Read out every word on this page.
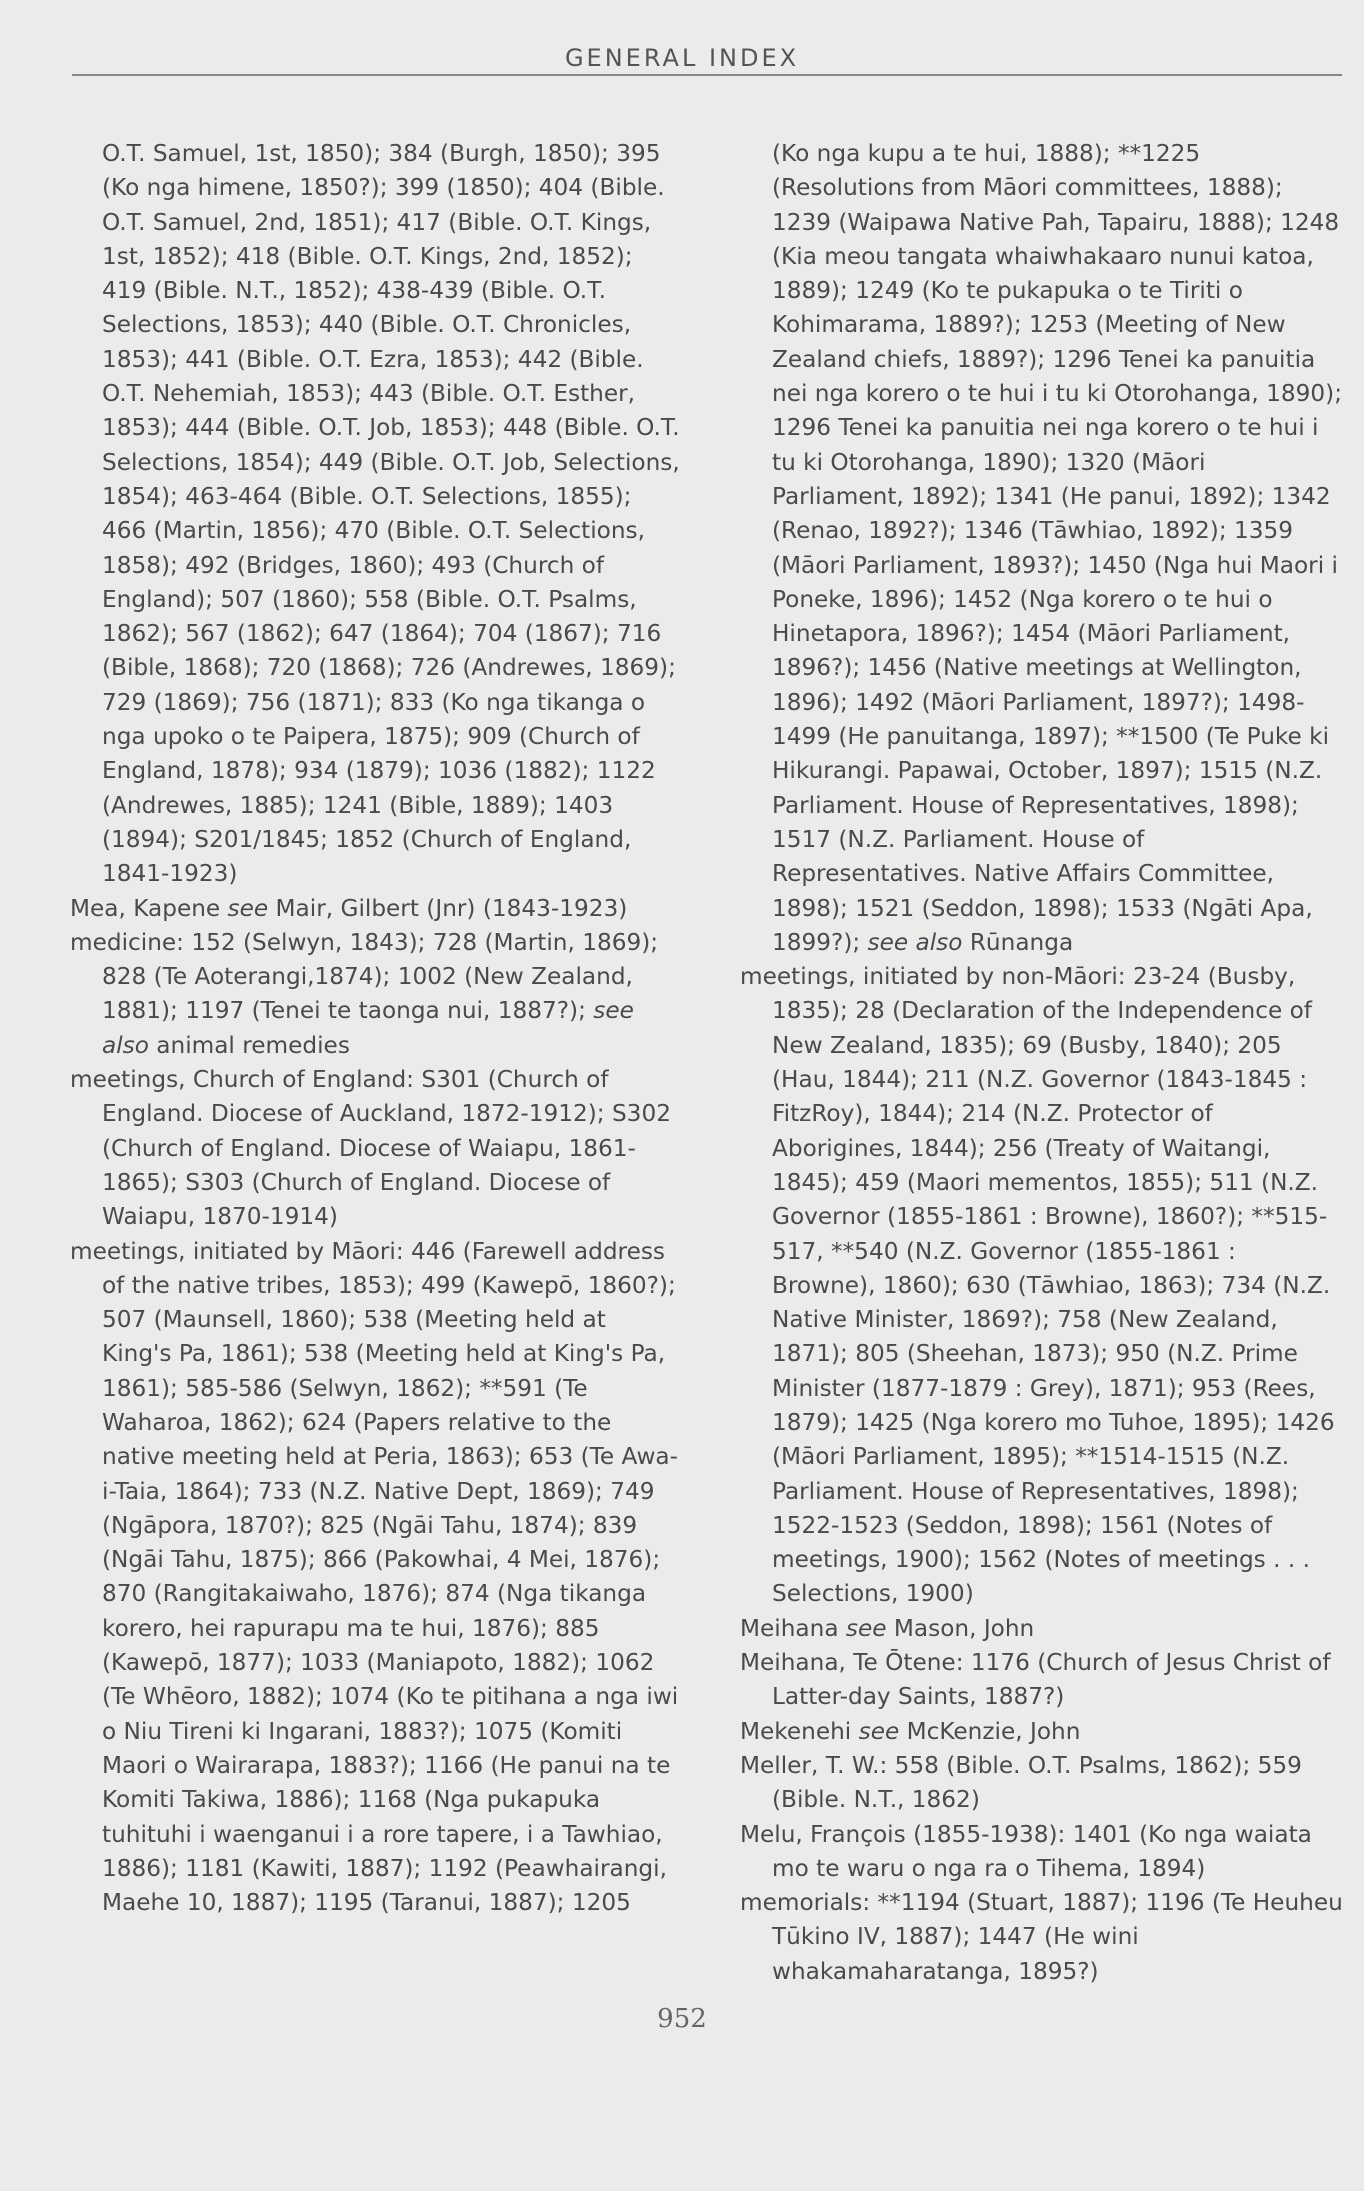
GENERAL INDEX
O.T. Samuel, 1st, 1850); 384 (Burgh, 1850); 395 (Ko nga himene, 1850?); 399 (1850); 404 (Bible. O.T. Samuel, 2nd, 1851); 417 (Bible. O.T. Kings, 1st, 1852); 418 (Bible. O.T. Kings, 2nd, 1852); 419 (Bible. N.T., 1852); 438-439 (Bible. O.T. Selections, 1853); 440 (Bible. O.T. Chronicles, 1853); 441 (Bible. O.T. Ezra, 1853); 442 (Bible. O.T. Nehemiah, 1853); 443 (Bible. O.T. Esther, 1853); 444 (Bible. O.T. Job, 1853); 448 (Bible. O.T. Selections, 1854); 449 (Bible. O.T. Job, Selections, 1854); 463-464 (Bible. O.T. Selections, 1855); 466 (Martin, 1856); 470 (Bible. O.T. Selections, 1858); 492 (Bridges, 1860); 493 (Church of England); 507 (1860); 558 (Bible. O.T. Psalms, 1862); 567 (1862); 647 (1864); 704 (1867); 716 (Bible, 1868); 720 (1868); 726 (Andrewes, 1869); 729 (1869); 756 (1871); 833 (Ko nga tikanga o nga upoko o te Paipera, 1875); 909 (Church of England, 1878); 934 (1879); 1036 (1882); 1122 (Andrewes, 1885); 1241 (Bible, 1889); 1403 (1894); S201/1845; 1852 (Church of England, 1841-1923)
Mea, Kapene see Mair, Gilbert (Jnr) (1843-1923)
medicine: 152 (Selwyn, 1843); 728 (Martin, 1869); 828 (Te Aoterangi,1874); 1002 (New Zealand, 1881); 1197 (Tenei te taonga nui, 1887?); see also animal remedies
meetings, Church of England: S301 (Church of England. Diocese of Auckland, 1872-1912); S302 (Church of England. Diocese of Waiapu, 1861-1865); S303 (Church of England. Diocese of Waiapu, 1870-1914)
meetings, initiated by Māori: 446 (Farewell address of the native tribes, 1853); 499 (Kawepō, 1860?); 507 (Maunsell, 1860); 538 (Meeting held at King's Pa, 1861); 538 (Meeting held at King's Pa, 1861); 585-586 (Selwyn, 1862); **591 (Te Waharoa, 1862); 624 (Papers relative to the native meeting held at Peria, 1863); 653 (Te Awa-i-Taia, 1864); 733 (N.Z. Native Dept, 1869); 749 (Ngāpora, 1870?); 825 (Ngāi Tahu, 1874); 839 (Ngāi Tahu, 1875); 866 (Pakowhai, 4 Mei, 1876); 870 (Rangitakaiwaho, 1876); 874 (Nga tikanga korero, hei rapurapu ma te hui, 1876); 885 (Kawepō, 1877); 1033 (Maniapoto, 1882); 1062 (Te Whēoro, 1882); 1074 (Ko te pitihana a nga iwi o Niu Tireni ki Ingarani, 1883?); 1075 (Komiti Maori o Wairarapa, 1883?); 1166 (He panui na te Komiti Takiwa, 1886); 1168 (Nga pukapuka tuhituhi i waenganui i a rore tapere, i a Tawhiao, 1886); 1181 (Kawiti, 1887); 1192 (Peawhairangi, Maehe 10, 1887); 1195 (Taranui, 1887); 1205
(Ko nga kupu a te hui, 1888); **1225 (Resolutions from Māori committees, 1888); 1239 (Waipawa Native Pah, Tapairu, 1888); 1248 (Kia meou tangata whaiwhakaaro nunui katoa, 1889); 1249 (Ko te pukapuka o te Tiriti o Kohimarama, 1889?); 1253 (Meeting of New Zealand chiefs, 1889?); 1296 Tenei ka panuitia nei nga korero o te hui i tu ki Otorohanga, 1890); 1296 Tenei ka panuitia nei nga korero o te hui i tu ki Otorohanga, 1890); 1320 (Māori Parliament, 1892); 1341 (He panui, 1892); 1342 (Renao, 1892?); 1346 (Tāwhiao, 1892); 1359 (Māori Parliament, 1893?); 1450 (Nga hui Maori i Poneke, 1896); 1452 (Nga korero o te hui o Hinetapora, 1896?); 1454 (Māori Parliament, 1896?); 1456 (Native meetings at Wellington, 1896); 1492 (Māori Parliament, 1897?); 1498-1499 (He panuitanga, 1897); **1500 (Te Puke ki Hikurangi. Papawai, October, 1897); 1515 (N.Z. Parliament. House of Representatives, 1898); 1517 (N.Z. Parliament. House of Representatives. Native Affairs Committee, 1898); 1521 (Seddon, 1898); 1533 (Ngāti Apa, 1899?); see also Rūnanga
meetings, initiated by non-Māori: 23-24 (Busby, 1835); 28 (Declaration of the Independence of New Zealand, 1835); 69 (Busby, 1840); 205 (Hau, 1844); 211 (N.Z. Governor (1843-1845 : FitzRoy), 1844); 214 (N.Z. Protector of Aborigines, 1844); 256 (Treaty of Waitangi, 1845); 459 (Maori mementos, 1855); 511 (N.Z. Governor (1855-1861 : Browne), 1860?); **515-517, **540 (N.Z. Governor (1855-1861 : Browne), 1860); 630 (Tāwhiao, 1863); 734 (N.Z. Native Minister, 1869?); 758 (New Zealand, 1871); 805 (Sheehan, 1873); 950 (N.Z. Prime Minister (1877-1879 : Grey), 1871); 953 (Rees, 1879); 1425 (Nga korero mo Tuhoe, 1895); 1426 (Māori Parliament, 1895); **1514-1515 (N.Z. Parliament. House of Representatives, 1898); 1522-1523 (Seddon, 1898); 1561 (Notes of meetings, 1900); 1562 (Notes of meetings . . . Selections, 1900)
Meihana see Mason, John
Meihana, Te Ōtene: 1176 (Church of Jesus Christ of Latter-day Saints, 1887?)
Mekenehi see McKenzie, John
Meller, T. W.: 558 (Bible. O.T. Psalms, 1862); 559 (Bible. N.T., 1862)
Melu, François (1855-1938): 1401 (Ko nga waiata mo te waru o nga ra o Tihema, 1894)
memorials: **1194 (Stuart, 1887); 1196 (Te Heuheu Tūkino IV, 1887); 1447 (He wini whakamaharatanga, 1895?)
952
